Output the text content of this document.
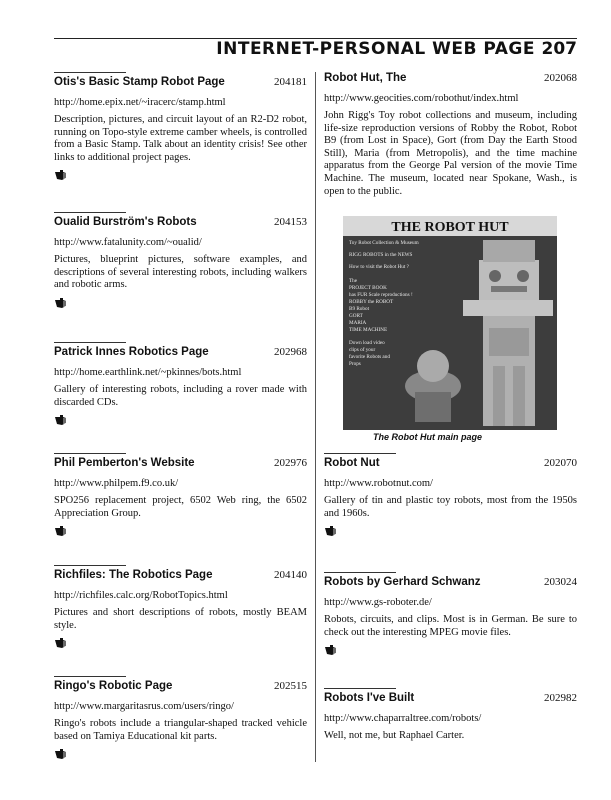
INTERNET-PERSONAL WEB PAGE 207
Otis's Basic Stamp Robot Page	204181
http://home.epix.net/~iracerc/stamp.html
Description, pictures, and circuit layout of an R2-D2 robot, running on Topo-style extreme camber wheels, is controlled from a Basic Stamp. Talk about an identity crisis! See other links to additional project pages.
Oualid Burström's Robots	204153
http://www.fatalunity.com/~oualid/
Pictures, blueprint pictures, software examples, and descriptions of several interesting robots, including walkers and robotic arms.
Patrick Innes Robotics Page	202968
http://home.earthlink.net/~pkinnes/bots.html
Gallery of interesting robots, including a rover made with discarded CDs.
Phil Pemberton's Website	202976
http://www.philpem.f9.co.uk/
SPO256 replacement project, 6502 Web ring, the 6502 Appreciation Group.
Richfiles: The Robotics Page	204140
http://richfiles.calc.org/RobotTopics.html
Pictures and short descriptions of robots, mostly BEAM style.
Ringo's Robotic Page	202515
http://www.margaritasrus.com/users/ringo/
Ringo's robots include a triangular-shaped tracked vehicle based on Tamiya Educational kit parts.
Robot Hut, The	202068
http://www.geocities.com/robothut/index.html
John Rigg's Toy robot collections and museum, including life-size reproduction versions of Robby the Robot, Robot B9 (from Lost in Space), Gort (from Day the Earth Stood Still), Maria (from Metropolis), and the time machine apparatus from the George Pal version of the movie Time Machine. The museum, located near Spokane, Wash., is open to the public.
THE ROBOT HUT
Toy Robot Collection & Museum
RIGG ROBOTS in the NEWS
How to visit the Robot Hut ?
The
PROJECT BOOK
has FUR Scale reproductions !
ROBBY the ROBOT
B9 Robot
GORT
MARIA
TIME MACHINE
Down load video
clips of your
favorite Robots and
Props
The Robot Hut main page
Robot Nut	202070
http://www.robotnut.com/
Gallery of tin and plastic toy robots, most from the 1950s and 1960s.
Robots by Gerhard Schwanz	203024
http://www.gs-roboter.de/
Robots, circuits, and clips. Most is in German. Be sure to check out the interesting MPEG movie files.
Robots I've Built	202982
http://www.chaparraltree.com/robots/
Well, not me, but Raphael Carter.
